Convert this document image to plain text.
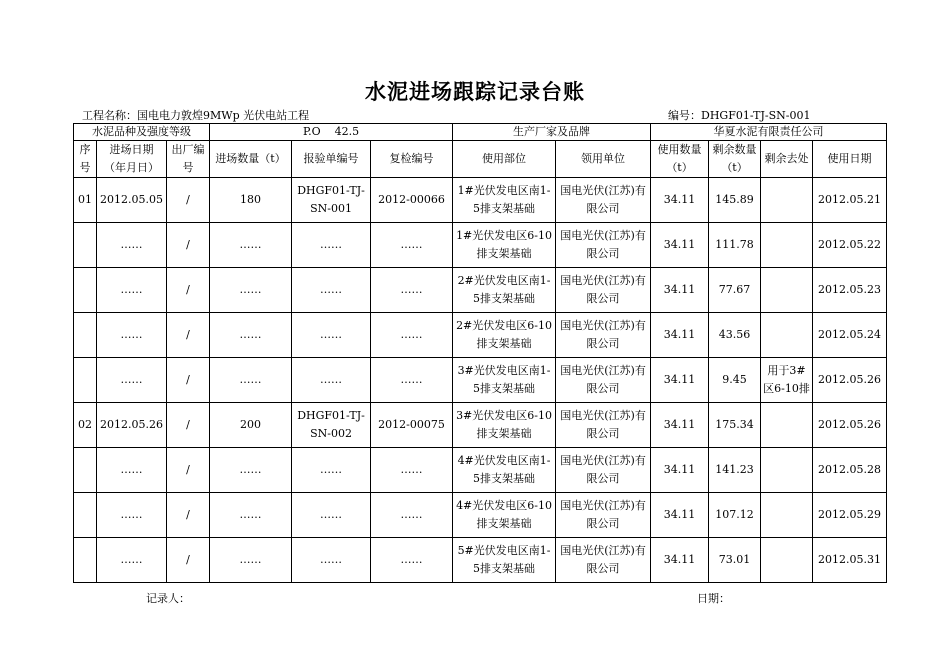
水泥进场跟踪记录台账
工程名称：国电电力敦煌9MWp 光伏电站工程	编号：DHGF01-TJ-SN-001
水泥品种及强度等级			P.O    42.5			生产厂家及品牌		华夏水泥有限责任公司			
序号	进场日期（年月日）	出厂编号	进场数量（t）	报验单编号	复检编号	使用部位	领用单位	使用数量（t）	剩余数量（t）	剩余去处	使用日期
01	2012.05.05	/	180	DHGF01-TJ-SN-001	2012-00066	1#光伏发电区南1-5排支架基础	国电光伏(江苏)有限公司	34.11	145.89		2012.05.21
	……	/	……	……	……	1#光伏发电区6-10排支架基础	国电光伏(江苏)有限公司	34.11	111.78		2012.05.22
	……	/	……	……	……	2#光伏发电区南1-5排支架基础	国电光伏(江苏)有限公司	34.11	77.67		2012.05.23
	……	/	……	……	……	2#光伏发电区6-10排支架基础	国电光伏(江苏)有限公司	34.11	43.56		2012.05.24
	……	/	……	……	……	3#光伏发电区南1-5排支架基础	国电光伏(江苏)有限公司	34.11	9.45	用于3#区6-10排	2012.05.26
02	2012.05.26	/	200	DHGF01-TJ-SN-002	2012-00075	3#光伏发电区6-10排支架基础	国电光伏(江苏)有限公司	34.11	175.34		2012.05.26
	……	/	……	……	……	4#光伏发电区南1-5排支架基础	国电光伏(江苏)有限公司	34.11	141.23		2012.05.28
	……	/	……	……	……	4#光伏发电区6-10排支架基础	国电光伏(江苏)有限公司	34.11	107.12		2012.05.29
	……	/	……	……	……	5#光伏发电区南1-5排支架基础	国电光伏(江苏)有限公司	34.11	73.01		2012.05.31
记录人：	日期：
